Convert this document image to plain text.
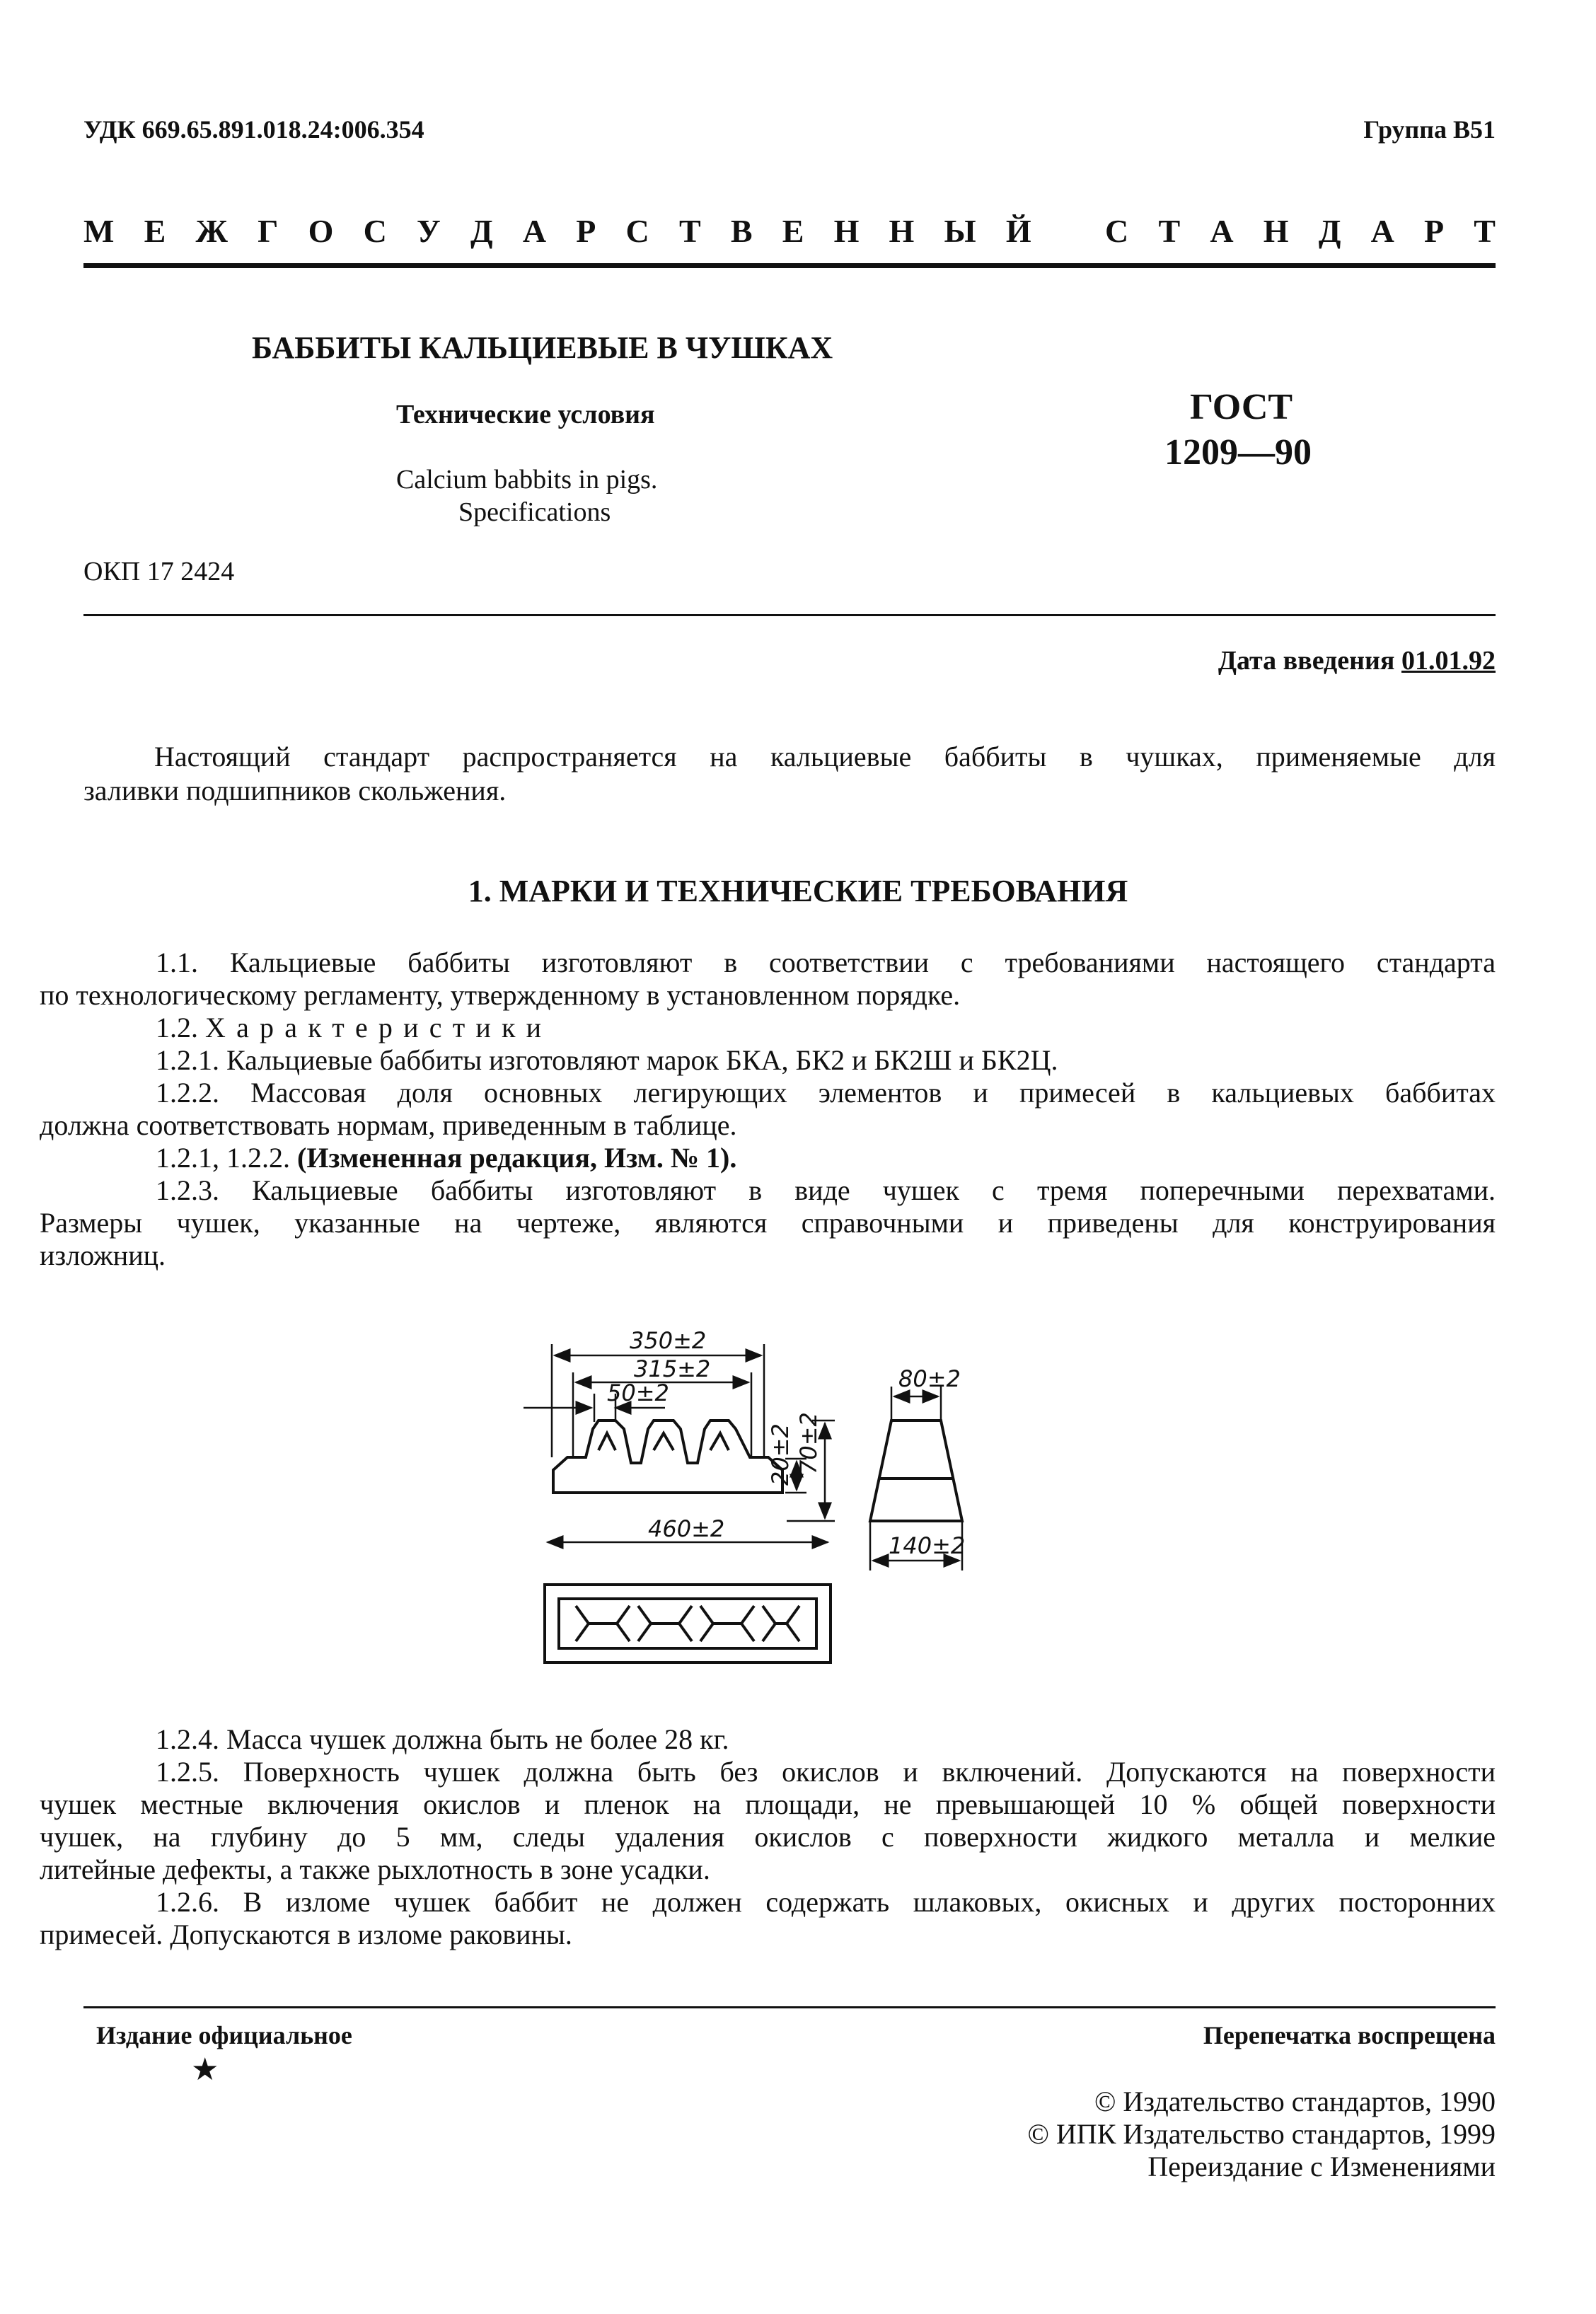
УДК 669.65.891.018.24:006.354	Группа В51
М Е Ж Г О С У Д А Р С Т В Е Н Н Ы Й С Т А Н Д А Р Т
БАББИТЫ КАЛЬЦИЕВЫЕ В ЧУШКАХ
Технические условия
Calcium babbits in pigs.
Specifications
ГОСТ
1209—90
ОКП 17 2424
Дата введения 01.01.92
Настоящий стандарт распространяется на кальциевые баббиты в чушках, применяемые для
заливки подшипников скольжения.
1. МАРКИ И ТЕХНИЧЕСКИЕ ТРЕБОВАНИЯ
1.1. Кальциевые баббиты изготовляют в соответствии с требованиями настоящего стандарта
по технологическому регламенту, утвержденному в установленном порядке.
1.2. Характеристики
1.2.1. Кальциевые баббиты изготовляют марок БКА, БК2 и БК2Ш и БК2Ц.
1.2.2. Массовая доля основных легирующих элементов и примесей в кальциевых баббитах
должна соответствовать нормам, приведенным в таблице.
1.2.1, 1.2.2. (Измененная редакция, Изм. № 1).
1.2.3. Кальциевые баббиты изготовляют в виде чушек с тремя поперечными перехватами.
Размеры чушек, указанные на чертеже, являются справочными и приведены для конструирования
изложниц.
350±2
315±2
50±2
460±2
80±2
140±2
20±2 70±2
1.2.4. Масса чушек должна быть не более 28 кг.
1.2.5. Поверхность чушек должна быть без окислов и включений. Допускаются на поверхности
чушек местные включения окислов и пленок на площади, не превышающей 10 % общей поверхности
чушек, на глубину до 5 мм, следы удаления окислов с поверхности жидкого металла и мелкие
литейные дефекты, а также рыхлотность в зоне усадки.
1.2.6. В изломе чушек баббит не должен содержать шлаковых, окисных и других посторонних
примесей. Допускаются в изломе раковины.
Издание официальное
★
Перепечатка воспрещена
© Издательство стандартов, 1990
© ИПК Издательство стандартов, 1999
Переиздание с Изменениями
